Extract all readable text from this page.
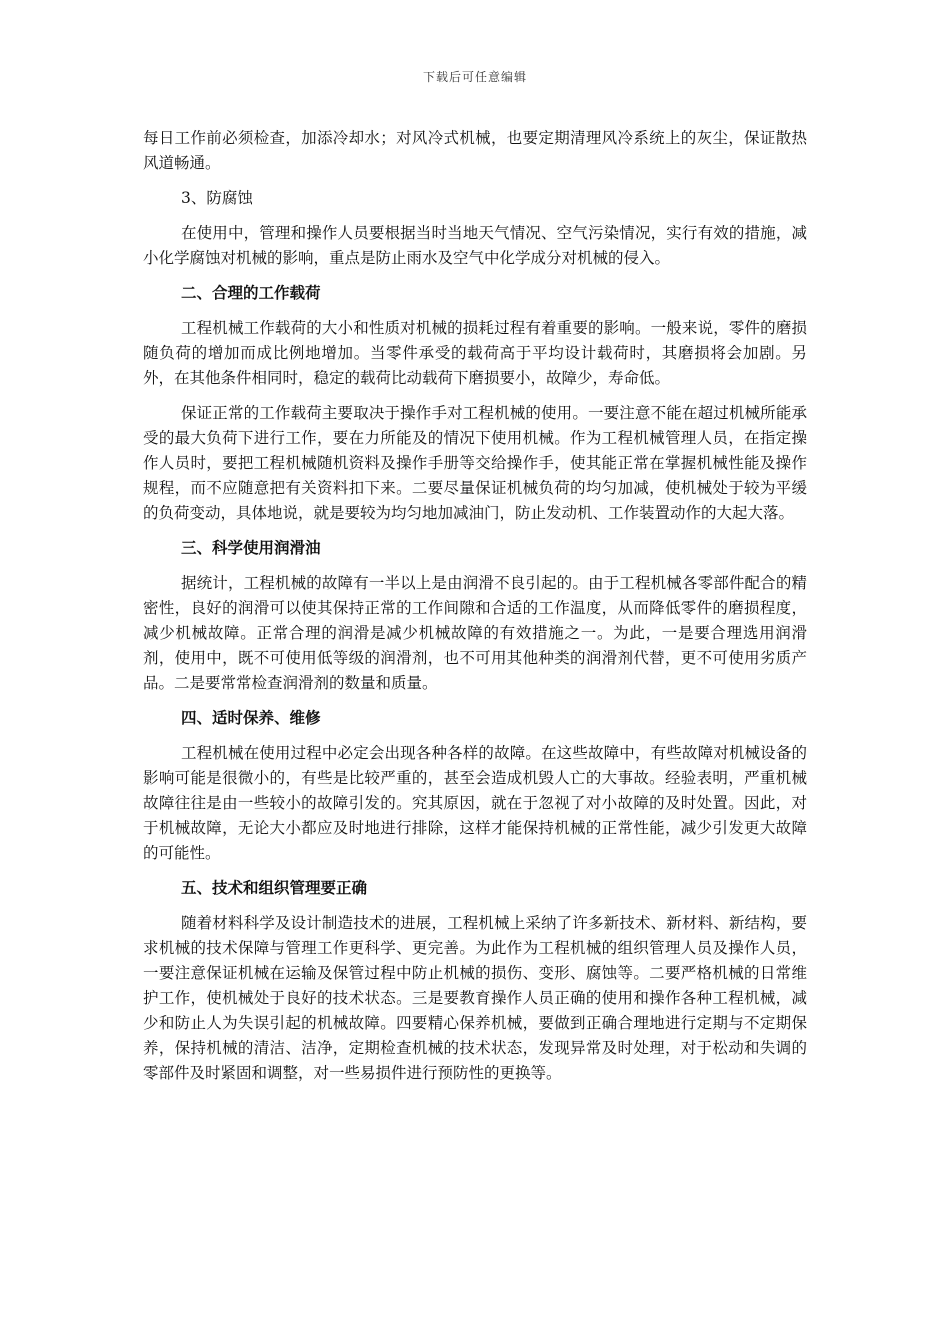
下载后可任意编辑

每日工作前必须检查，加添冷却水；对风冷式机械，也要定期清理风冷系统上的灰尘，保证散热风道畅通。

3、防腐蚀

在使用中，管理和操作人员要根据当时当地天气情况、空气污染情况，实行有效的措施，减小化学腐蚀对机械的影响，重点是防止雨水及空气中化学成分对机械的侵入。

二、合理的工作载荷

工程机械工作载荷的大小和性质对机械的损耗过程有着重要的影响。一般来说，零件的磨损随负荷的增加而成比例地增加。当零件承受的载荷高于平均设计载荷时，其磨损将会加剧。另外，在其他条件相同时，稳定的载荷比动载荷下磨损要小，故障少，寿命低。

保证正常的工作载荷主要取决于操作手对工程机械的使用。一要注意不能在超过机械所能承受的最大负荷下进行工作，要在力所能及的情况下使用机械。作为工程机械管理人员，在指定操作人员时，要把工程机械随机资料及操作手册等交给操作手，使其能正常在掌握机械性能及操作规程，而不应随意把有关资料扣下来。二要尽量保证机械负荷的均匀加减，使机械处于较为平缓的负荷变动，具体地说，就是要较为均匀地加减油门，防止发动机、工作装置动作的大起大落。

三、科学使用润滑油

据统计，工程机械的故障有一半以上是由润滑不良引起的。由于工程机械各零部件配合的精密性，良好的润滑可以使其保持正常的工作间隙和合适的工作温度，从而降低零件的磨损程度，减少机械故障。正常合理的润滑是减少机械故障的有效措施之一。为此，一是要合理选用润滑剂，使用中，既不可使用低等级的润滑剂，也不可用其他种类的润滑剂代替，更不可使用劣质产品。二是要常常检查润滑剂的数量和质量。

四、适时保养、维修

工程机械在使用过程中必定会出现各种各样的故障。在这些故障中，有些故障对机械设备的影响可能是很微小的，有些是比较严重的，甚至会造成机毁人亡的大事故。经验表明，严重机械故障往往是由一些较小的故障引发的。究其原因，就在于忽视了对小故障的及时处置。因此，对于机械故障，无论大小都应及时地进行排除，这样才能保持机械的正常性能，减少引发更大故障的可能性。

五、技术和组织管理要正确

随着材料科学及设计制造技术的进展，工程机械上采纳了许多新技术、新材料、新结构，要求机械的技术保障与管理工作更科学、更完善。为此作为工程机械的组织管理人员及操作人员，一要注意保证机械在运输及保管过程中防止机械的损伤、变形、腐蚀等。二要严格机械的日常维护工作，使机械处于良好的技术状态。三是要教育操作人员正确的使用和操作各种工程机械，减少和防止人为失误引起的机械故障。四要精心保养机械，要做到正确合理地进行定期与不定期保养，保持机械的清洁、洁净，定期检查机械的技术状态，发现异常及时处理，对于松动和失调的零部件及时紧固和调整，对一些易损件进行预防性的更换等。
